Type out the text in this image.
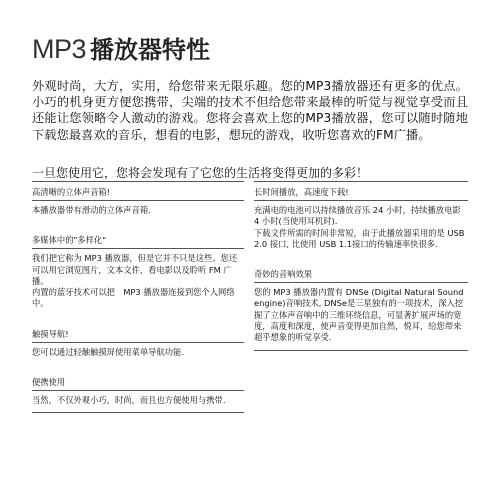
MP3 播放器特性
外观时尚，大方，实用，给您带来无限乐趣。您的MP3播放器还有更多的优点。小巧的机身更方便您携带，尖端的技术不但给您带来最棒的听觉与视觉享受而且还能让您领略令人激动的游戏。您将会喜欢上您的MP3播放器，您可以随时随地下载您最喜欢的音乐，想看的电影，想玩的游戏，收听您喜欢的FM广播。
一旦您使用它，您将会发现有了它您的生活将变得更加的多彩！
高清晰的立体声音箱!
本播放器带有滑动的立体声音箱.
多媒体中的"多样化"
我们把它称为 MP3 播放器，但是它并不只是这些。您还可以用它浏览图片，文本文件，看电影以及聆听 FM 广播。
内置的蓝牙技术可以把　MP3 播放器连接到您个人网络中。
触摸导航!
您可以通过轻触触摸屏使用菜单导航功能.
便携使用
当然，不仅外观小巧，时尚，而且也方便使用与携带.
长时间播放，高速度下载!
充满电的电池可以持续播放音乐 24 小时，持续播放电影 4 小时(当使用耳机时).
下载文件所需的时间非常短，由于此播放器采用的是 USB 2.0 接口, 比使用 USB 1.1接口的传输速率快很多.
奇妙的音响效果
您的 MP3 播放器内置有 DNSe (Digital Natural Sound engine)音响技术, DNSe是三星独有的一项技术，深入挖掘了立体声音响中的三维环绕信息，可显著扩展声场的宽度，高度和深度，使声音变得更加自然，悦耳，给您带来超乎想象的听觉享受.
